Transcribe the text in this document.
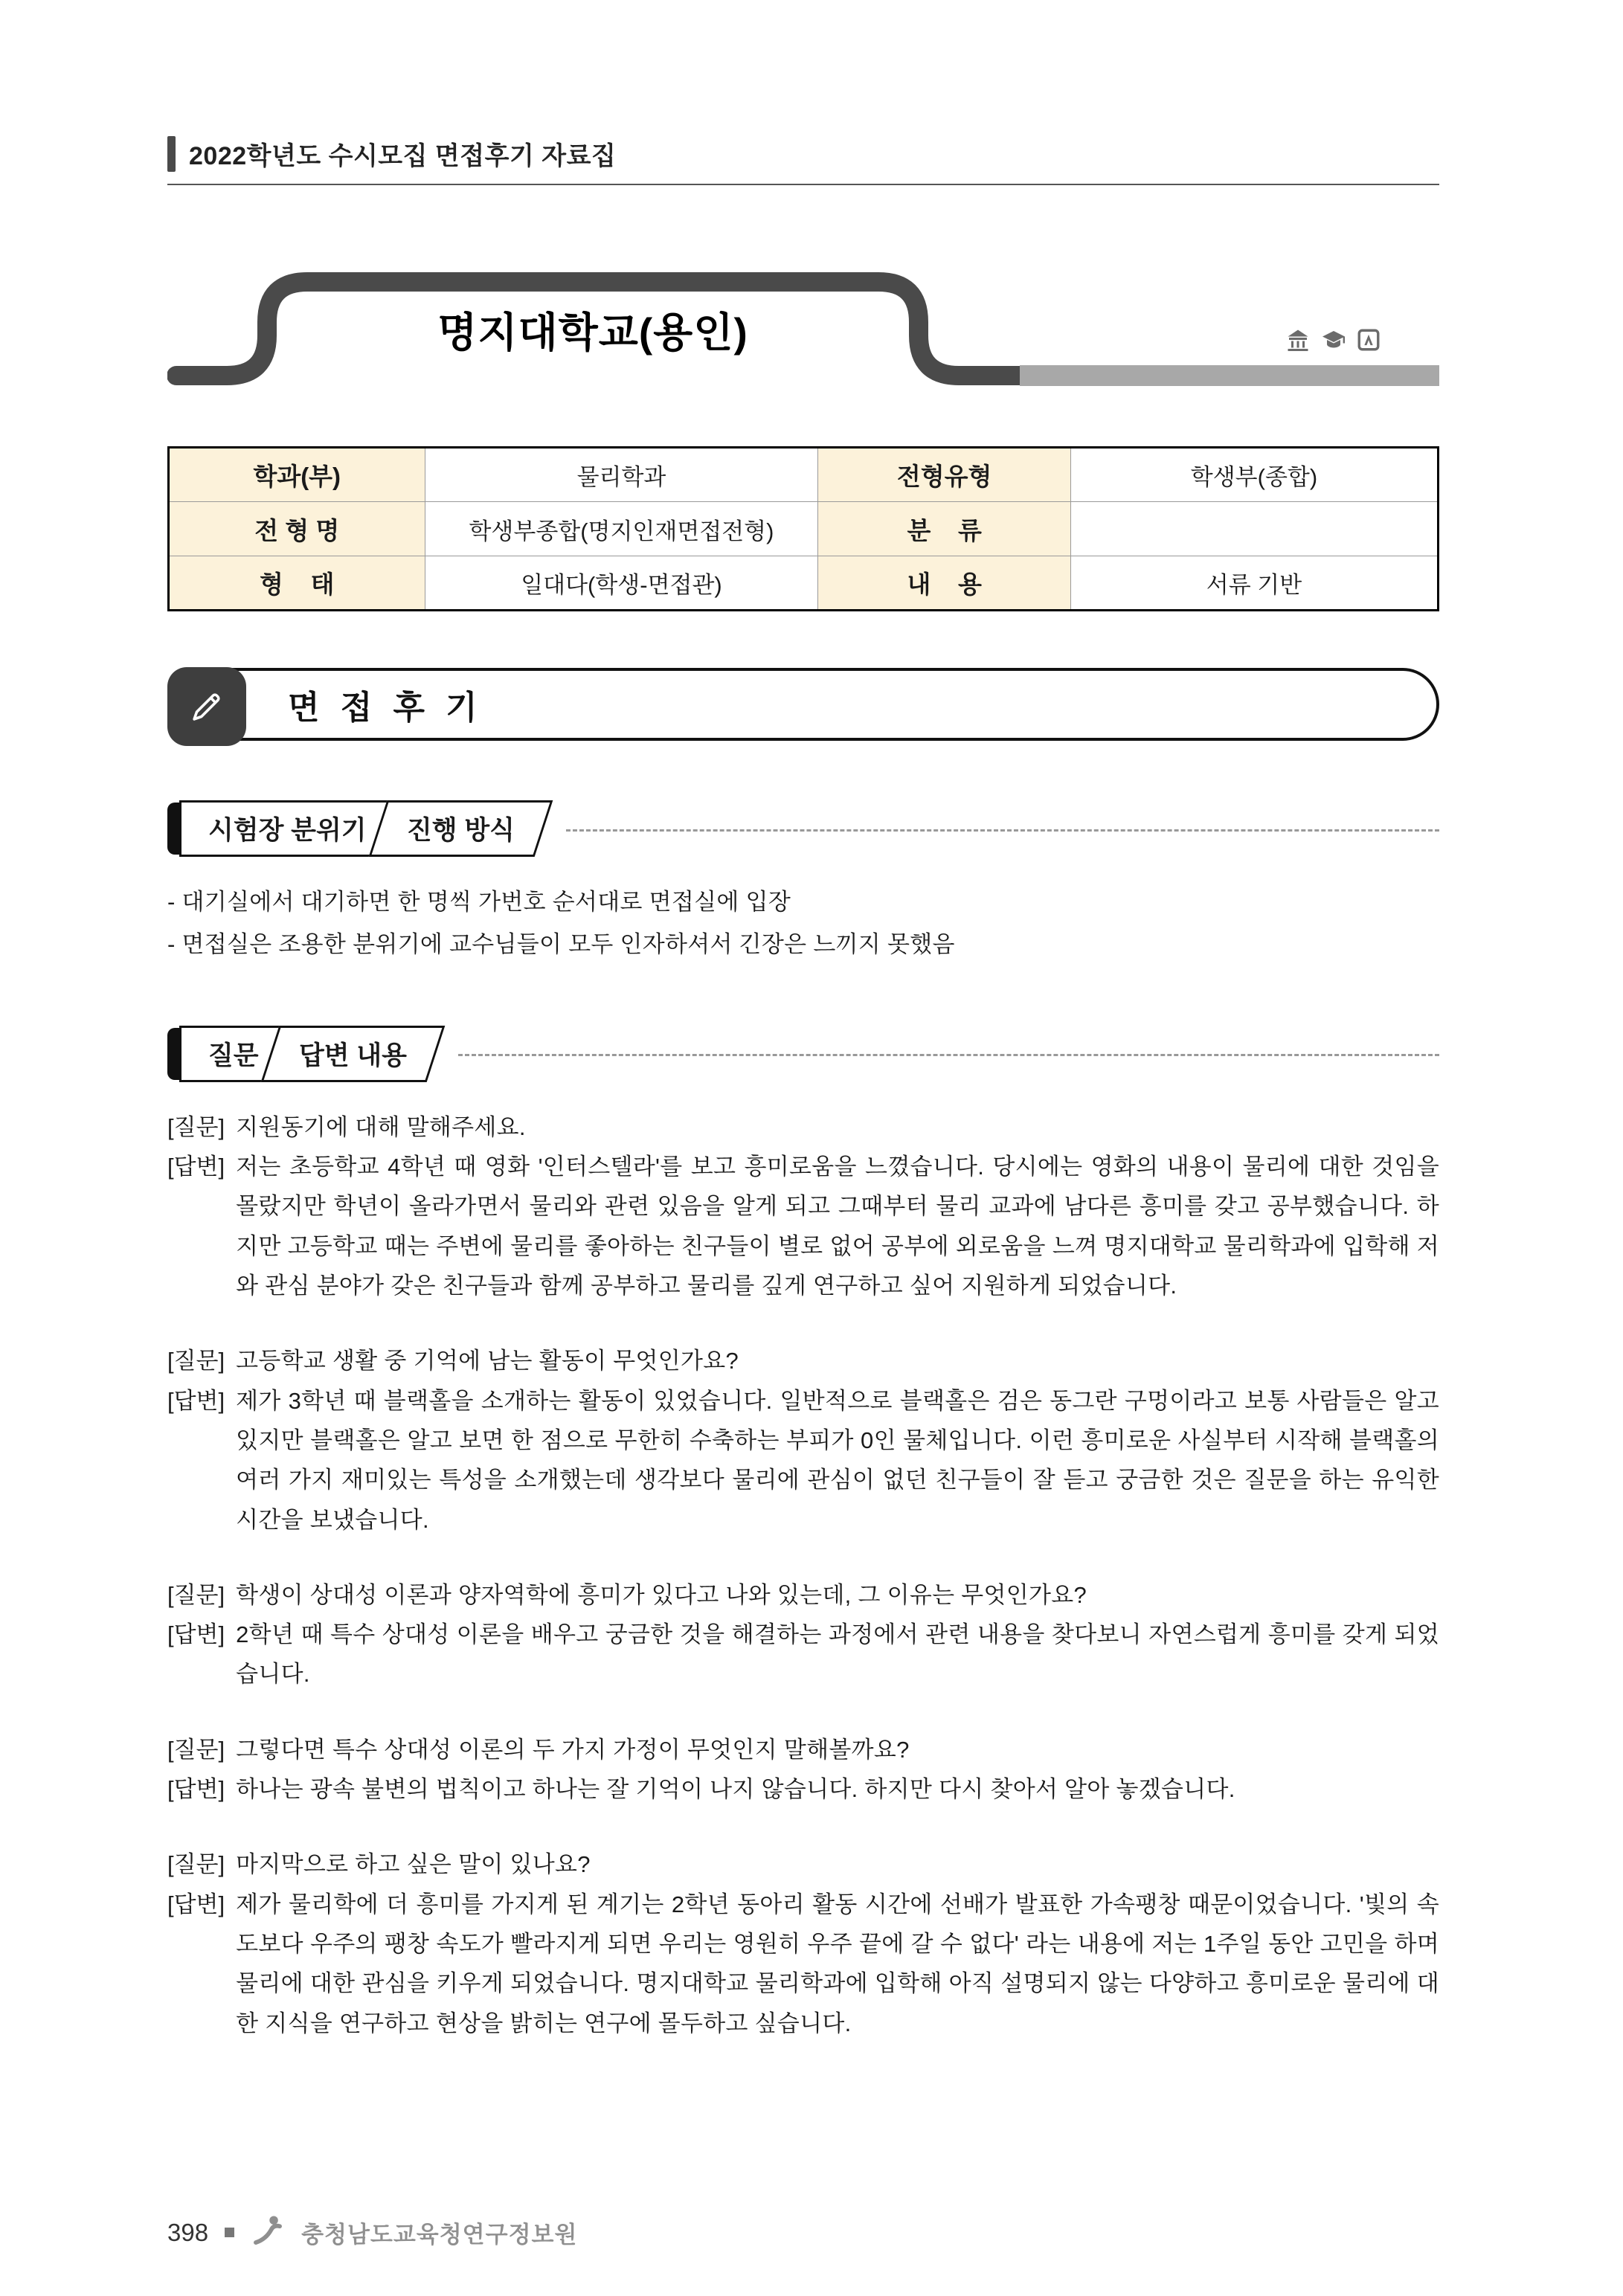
2022학년도 수시모집 면접후기 자료집
명지대학교(용인)
학과(부)	물리학과	전형유형	학생부(종합)
전 형 명	학생부종합(명지인재면접전형)	분    류	
형    태	일대다(학생-면접관)	내    용	서류 기반
면 접 후 기
시험장 분위기	진행 방식
- 대기실에서 대기하면 한 명씩 가번호 순서대로 면접실에 입장
- 면접실은 조용한 분위기에 교수님들이 모두 인자하셔서 긴장은 느끼지 못했음
질문	답변 내용
[질문] 지원동기에 대해 말해주세요.
[답변] 저는 초등학교 4학년 때 영화 '인터스텔라'를 보고 흥미로움을 느꼈습니다. 당시에는 영화의 내용이 물리에 대한 것임을 몰랐지만 학년이 올라가면서 물리와 관련 있음을 알게 되고 그때부터 물리 교과에 남다른 흥미를 갖고 공부했습니다. 하지만 고등학교 때는 주변에 물리를 좋아하는 친구들이 별로 없어 공부에 외로움을 느껴 명지대학교 물리학과에 입학해 저와 관심 분야가 갖은 친구들과 함께 공부하고 물리를 깊게 연구하고 싶어 지원하게 되었습니다.
[질문] 고등학교 생활 중 기억에 남는 활동이 무엇인가요?
[답변] 제가 3학년 때 블랙홀을 소개하는 활동이 있었습니다. 일반적으로 블랙홀은 검은 동그란 구멍이라고 보통 사람들은 알고 있지만 블랙홀은 알고 보면 한 점으로 무한히 수축하는 부피가 0인 물체입니다. 이런 흥미로운 사실부터 시작해 블랙홀의 여러 가지 재미있는 특성을 소개했는데 생각보다 물리에 관심이 없던 친구들이 잘 듣고 궁금한 것은 질문을 하는 유익한 시간을 보냈습니다.
[질문] 학생이 상대성 이론과 양자역학에 흥미가 있다고 나와 있는데, 그 이유는 무엇인가요?
[답변] 2학년 때 특수 상대성 이론을 배우고 궁금한 것을 해결하는 과정에서 관련 내용을 찾다보니 자연스럽게 흥미를 갖게 되었습니다.
[질문] 그렇다면 특수 상대성 이론의 두 가지 가정이 무엇인지 말해볼까요?
[답변] 하나는 광속 불변의 법칙이고 하나는 잘 기억이 나지 않습니다. 하지만 다시 찾아서 알아 놓겠습니다.
[질문] 마지막으로 하고 싶은 말이 있나요?
[답변] 제가 물리학에 더 흥미를 가지게 된 계기는 2학년 동아리 활동 시간에 선배가 발표한 가속팽창 때문이었습니다. '빛의 속도보다 우주의 팽창 속도가 빨라지게 되면 우리는 영원히 우주 끝에 갈 수 없다' 라는 내용에 저는 1주일 동안 고민을 하며 물리에 대한 관심을 키우게 되었습니다. 명지대학교 물리학과에 입학해 아직 설명되지 않는 다양하고 흥미로운 물리에 대한 지식을 연구하고 현상을 밝히는 연구에 몰두하고 싶습니다.
398	충청남도교육청연구정보원
